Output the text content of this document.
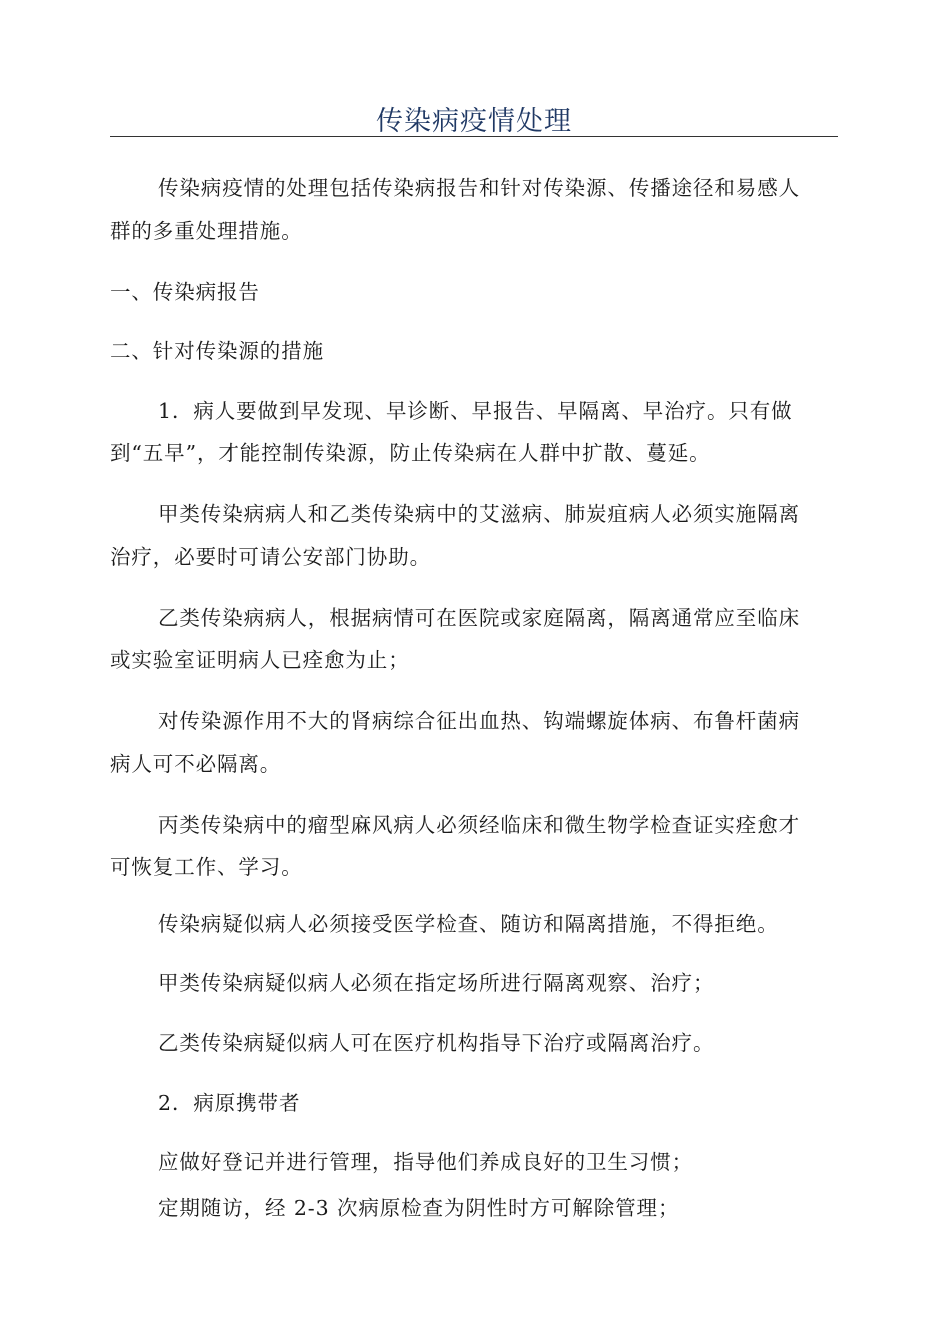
传染病疫情处理

传染病疫情的处理包括传染病报告和针对传染源、传播途径和易感人

群的多重处理措施。

一、传染病报告

二、针对传染源的措施

1．病人要做到早发现、早诊断、早报告、早隔离、早治疗。只有做

到“五早”，才能控制传染源，防止传染病在人群中扩散、蔓延。

甲类传染病病人和乙类传染病中的艾滋病、肺炭疽病人必须实施隔离

治疗，必要时可请公安部门协助。

乙类传染病病人，根据病情可在医院或家庭隔离，隔离通常应至临床

或实验室证明病人已痊愈为止；

对传染源作用不大的肾病综合征出血热、钩端螺旋体病、布鲁杆菌病

病人可不必隔离。

丙类传染病中的瘤型麻风病人必须经临床和微生物学检查证实痊愈才

可恢复工作、学习。

传染病疑似病人必须接受医学检查、随访和隔离措施，不得拒绝。

甲类传染病疑似病人必须在指定场所进行隔离观察、治疗；

乙类传染病疑似病人可在医疗机构指导下治疗或隔离治疗。

2．病原携带者

应做好登记并进行管理，指导他们养成良好的卫生习惯；

定期随访，经 2-3 次病原检查为阴性时方可解除管理；
